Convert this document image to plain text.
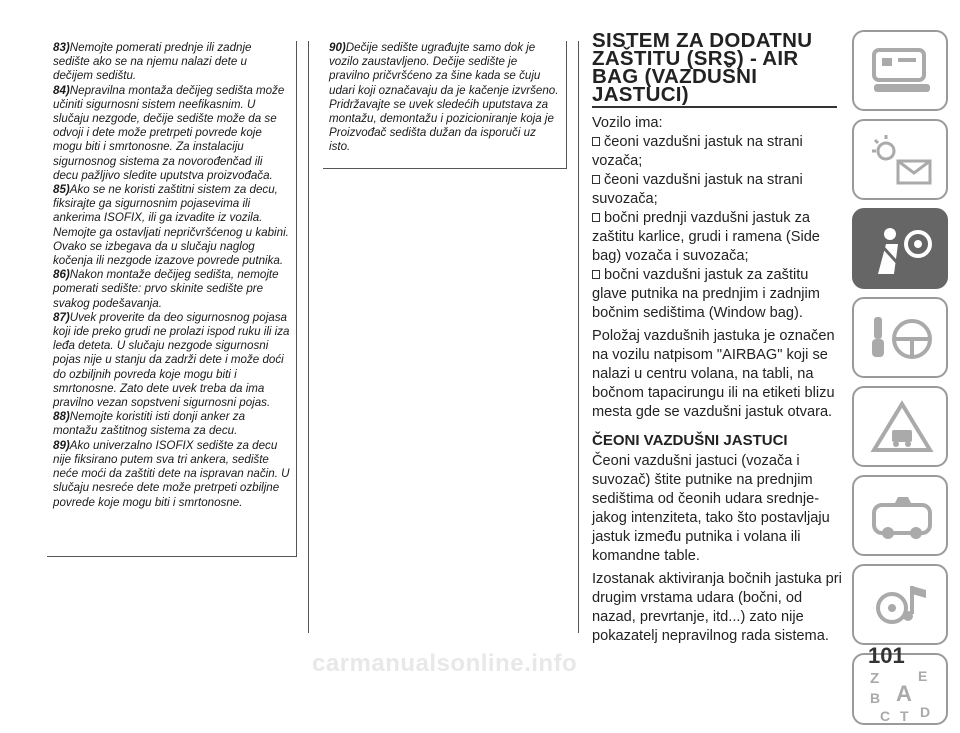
83)Nemojte pomerati prednje ili zadnje sedište ako se na njemu nalazi dete u dečijem sedištu.

84)Nepravilna montaža dečijeg sedišta može učiniti sigurnosni sistem neefikasnim. U slučaju nezgode, dečije sedište može da se odvoji i dete može pretrpeti povrede koje mogu biti i smrtonosne. Za instalaciju sigurnosnog sistema za novorođenčad ili decu pažljivo sledite uputstva proizvođača.

85)Ako se ne koristi zaštitni sistem za decu, fiksirajte ga sigurnosnim pojasevima ili ankerima ISOFIX, ili ga izvadite iz vozila. Nemojte ga ostavljati nepričvršćenog u kabini. Ovako se izbegava da u slučaju naglog kočenja ili nezgode izazove povrede putnika.

86)Nakon montaže dečijeg sedišta, nemojte pomerati sedište: prvo skinite sedište pre svakog podešavanja.

87)Uvek proverite da deo sigurnosnog pojasa koji ide preko grudi ne prolazi ispod ruku ili iza leđa deteta. U slučaju nezgode sigurnosni pojas nije u stanju da zadrži dete i može doći do ozbiljnih povreda koje mogu biti i smrtonosne. Zato dete uvek treba da ima pravilno vezan sopstveni sigurnosni pojas.

88)Nemojte koristiti isti donji anker za montažu zaštitnog sistema za decu.

89)Ako univerzalno ISOFIX sedište za decu nije fiksirano putem sva tri ankera, sedište neće moći da zaštiti dete na ispravan način. U slučaju nesreće dete može pretrpeti ozbiljne povrede koje mogu biti i smrtonosne.

90)Dečije sedište ugrađujte samo dok je vozilo zaustavljeno. Dečije sedište je pravilno pričvršćeno za šine kada se čuju udari koji označavaju da je kačenje izvršeno. Pridržavajte se uvek sledećih uputstava za montažu, demontažu i pozicioniranje koja je Proizvođač sedišta dužan da isporuči uz isto.

SISTEM ZA DODATNU ZAŠTITU (SRS) - AIR BAG (VAZDUŠNI JASTUCI)

Vozilo ima:

čeoni vazdušni jastuk na strani vozača;

čeoni vazdušni jastuk na strani suvozača;

bočni prednji vazdušni jastuk za zaštitu karlice, grudi i ramena (Side bag) vozača i suvozača;

bočni vazdušni jastuk za zaštitu glave putnika na prednjim i zadnjim bočnim sedištima (Window bag).

Položaj vazdušnih jastuka je označen na vozilu natpisom "AIRBAG" koji se nalazi u centru volana, na tabli, na bočnom tapacirungu ili na etiketi blizu mesta gde se vazdušni jastuk otvara.

ČEONI VAZDUŠNI JASTUCI

Čeoni vazdušni jastuci (vozača i suvozač) štite putnike na prednjim sedištima od čeonih udara srednje-jakog intenziteta, tako što postavljaju jastuk između putnika i volana ili komandne table.

Izostanak aktiviranja bočnih jastuka pri drugim vrstama udara (bočni, od nazad, prevrtanje, itd...) zato nije pokazatelj nepravilnog rada sistema.

Z	E
B A
C T D
carmanualsonline.info	101
